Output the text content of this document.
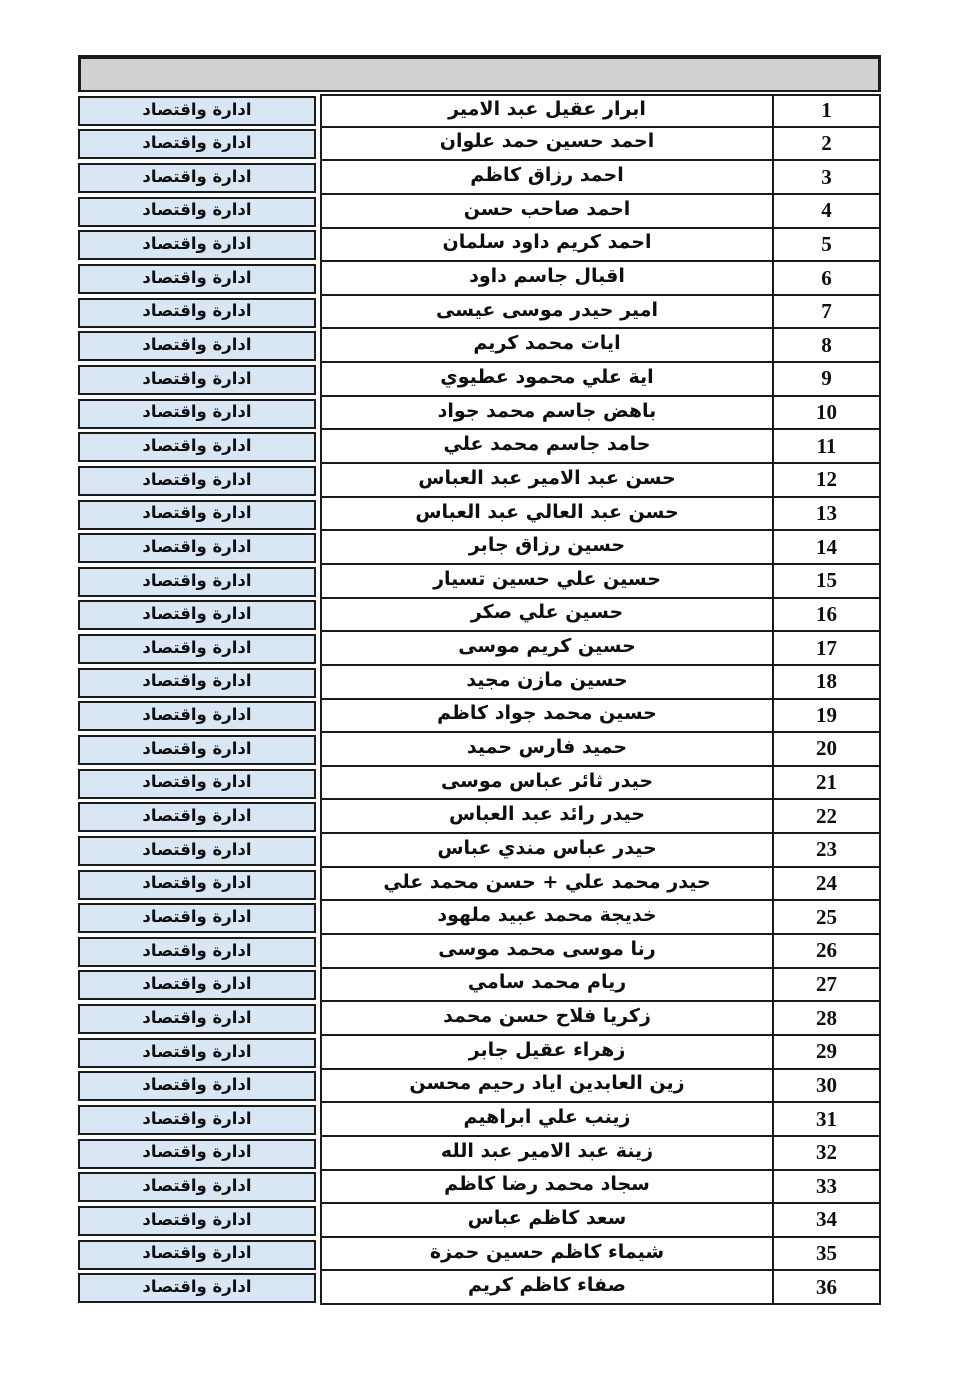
ادارة واقتصاد	ابرار عقيل عبد الامير	1
ادارة واقتصاد	احمد حسين حمد علوان	2
ادارة واقتصاد	احمد رزاق كاظم	3
ادارة واقتصاد	احمد صاحب حسن	4
ادارة واقتصاد	احمد كريم داود سلمان	5
ادارة واقتصاد	اقبال جاسم داود	6
ادارة واقتصاد	امير حيدر موسى عيسى	7
ادارة واقتصاد	ايات محمد كريم	8
ادارة واقتصاد	اية علي محمود عطيوي	9
ادارة واقتصاد	باهض جاسم محمد جواد	10
ادارة واقتصاد	حامد جاسم محمد علي	11
ادارة واقتصاد	حسن عبد الامير عبد العباس	12
ادارة واقتصاد	حسن عبد العالي عبد العباس	13
ادارة واقتصاد	حسين رزاق جابر	14
ادارة واقتصاد	حسين علي حسين تسيار	15
ادارة واقتصاد	حسين علي صكر	16
ادارة واقتصاد	حسين كريم موسى	17
ادارة واقتصاد	حسين مازن مجيد	18
ادارة واقتصاد	حسين محمد جواد كاظم	19
ادارة واقتصاد	حميد فارس حميد	20
ادارة واقتصاد	حيدر ثائر عباس موسى	21
ادارة واقتصاد	حيدر رائد عبد العباس	22
ادارة واقتصاد	حيدر عباس مندي عباس	23
ادارة واقتصاد	حيدر محمد علي + حسن محمد علي	24
ادارة واقتصاد	خديجة محمد عبيد ملهود	25
ادارة واقتصاد	رنا موسى محمد موسى	26
ادارة واقتصاد	ريام محمد سامي	27
ادارة واقتصاد	زكريا فلاح حسن محمد	28
ادارة واقتصاد	زهراء عقيل جابر	29
ادارة واقتصاد	زين العابدين اياد رحيم محسن	30
ادارة واقتصاد	زينب علي ابراهيم	31
ادارة واقتصاد	زينة عبد الامير عبد الله	32
ادارة واقتصاد	سجاد محمد رضا كاظم	33
ادارة واقتصاد	سعد كاظم عباس	34
ادارة واقتصاد	شيماء كاظم حسين حمزة	35
ادارة واقتصاد	صفاء كاظم كريم	36
